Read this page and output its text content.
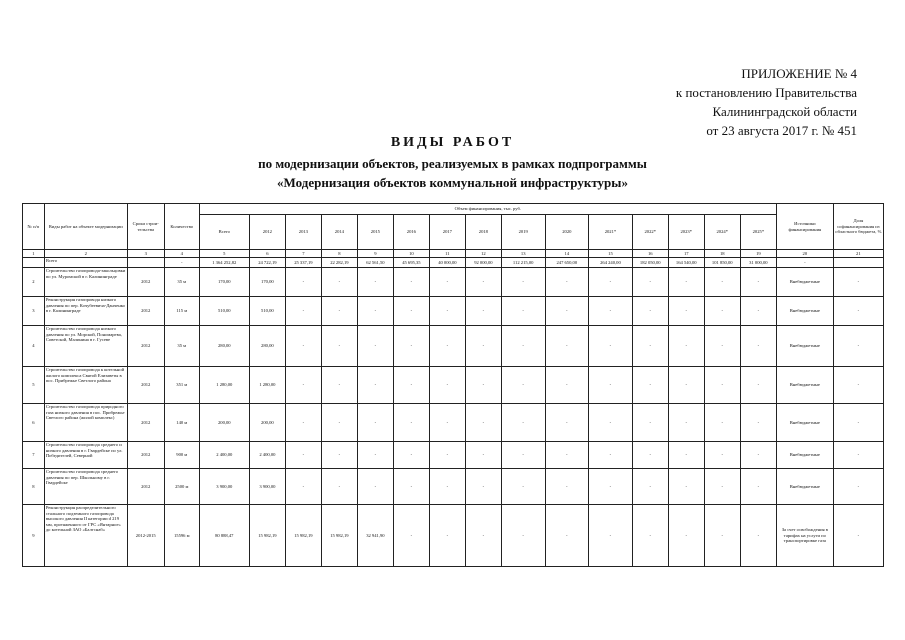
ПРИЛОЖЕНИЕ № 4
к постановлению Правительства
Калининградской области
от 23 августа 2017 г. № 451
ВИДЫ РАБОТ
по модернизации объектов, реализуемых в рамках подпрограммы
«Модернизация объектов коммунальной инфраструктуры»
№ п/п	Виды работ на объекте модернизации	Сроки строи-тельства	Количество	Объем финансирования, тыс. руб.															Источники финансирования	Доля софинансирования из областного бюджета, %
				Всего	2012	2013	2014	2015	2016	2017	2018	2019	2020	2021*	2022*	2023*	2024*	2025*		
1	2	3	4	5	6	7	8	9	10	11	12	13	14	15	16	17	18	19	20	21
	Всего		-	1 364 252,82	24 722,19	25 337,19	22 282,19	62 561,50	45 695,35	40 000,00	92 000,00	112 215,00	247 650,00	264 240,00	182 050,00	164 540,00	101 850,00	31 000,00	-	
2	Строительство газопровода-закольцовки по ул. Муромской в г. Калининграде	2012	35 м	170,00	170,00	-	-	-	-	-	-	-	-	-	-	-	-	-	Внебюджетные	-
3	Реконструкция газопровода низкого давления по пер. Кочубеевича-Данченко в г. Калининграде	2012	115 м	510,00	510,00	-	-	-	-	-	-	-	-	-	-	-	-	-	Внебюджетные	-
4	Строительство газопровода низкого давления по ул. Морской, Пономарева, Советской, Малинина в г. Гусеве	2012	35 м	280,00	280,00	-	-	-	-	-	-	-	-	-	-	-	-	-	Внебюджетные	-
5	Строительство газопровода к котельной жилого комплекса Святой Елизаветы в пос. Прибрежье Светлого района	2012	351 м	1 280,00	1 280,00	-	-	-	-	-	-	-	-	-	-	-	-	-	Внебюджетные	-
6	Строительство газопровода природного газа низкого давления в пос. Прибрежье Светлого района (жилой комплекс)	2012	140 м	200,00	200,00	-	-	-	-	-	-	-	-	-	-	-	-	-	Внебюджетные	-
7	Строительство газопровода среднего и низкого давления в г. Гвардейске по ул. Победителей, Северной	2012	900 м	2 400,00	2 400,00	-	-	-	-	-	-	-	-	-	-	-	-	-	Внебюджетные	-
8	Строительство газопровода среднего давления по пер. Школьному в г. Гвардейске	2012	2500 м	3 900,00	3 900,00	-	-	-	-	-	-	-	-	-	-	-	-	-	Внебюджетные	-
9	Реконструкция распределительного стального подземного газопровода высокого давления II категории d 219 мм, протяженного от ГРС «Янтарное» до котельной ЗАО «Балтснаб»	2012-2015	15596 м	80 888,47	15 982,19	15 982,19	15 982,19	32 941,90	-	-	-	-	-	-	-	-	-	-	За счет освобождения в тарифах на услуги по транспортировке газа	-
